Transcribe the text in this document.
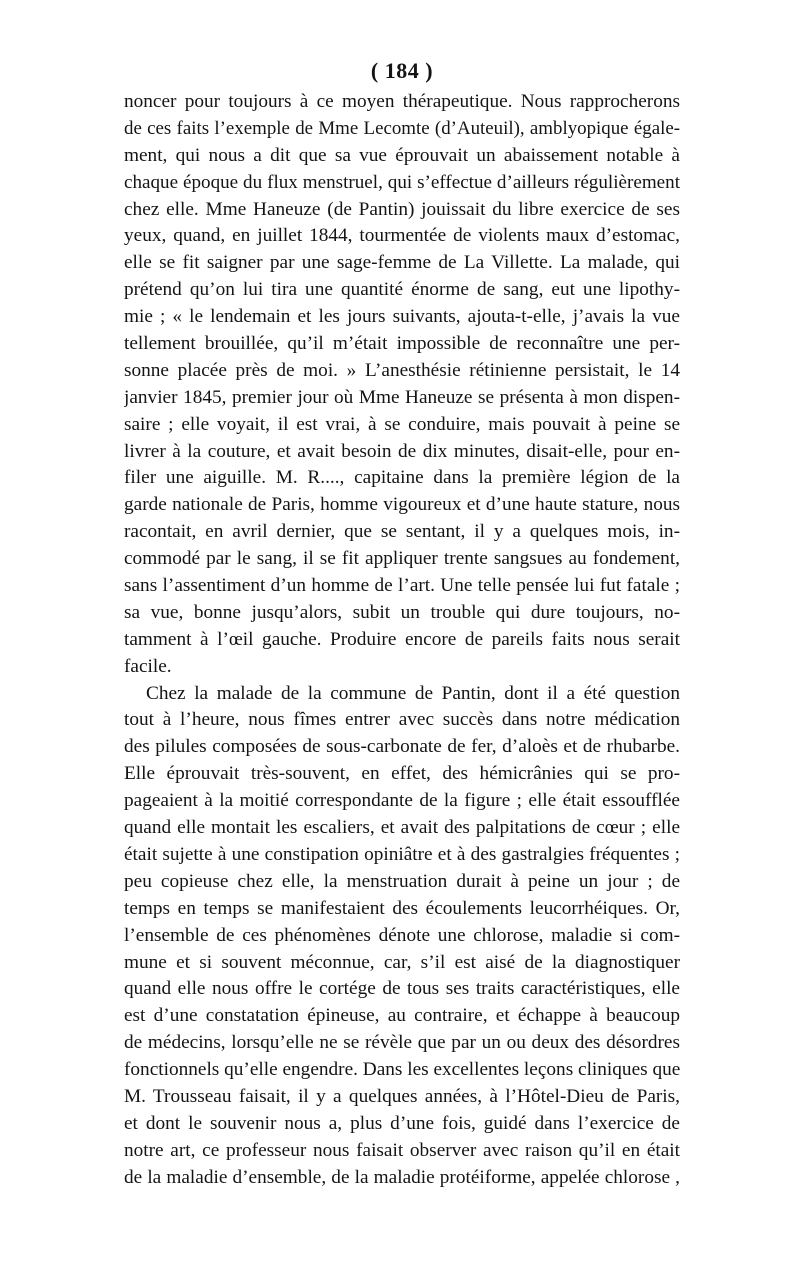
( 184 )
noncer pour toujours à ce moyen thérapeutique. Nous rapprocherons
de ces faits l’exemple de Mme Lecomte (d’Auteuil), amblyopique égale-
ment, qui nous a dit que sa vue éprouvait un abaissement notable à
chaque époque du flux menstruel, qui s’effectue d’ailleurs régulièrement
chez elle. Mme Haneuze (de Pantin) jouissait du libre exercice de ses
yeux, quand, en juillet 1844, tourmentée de violents maux d’estomac,
elle se fit saigner par une sage-femme de La Villette. La malade, qui
prétend qu’on lui tira une quantité énorme de sang, eut une lipothy-
mie ; « le lendemain et les jours suivants, ajouta-t-elle, j’avais la vue
tellement brouillée, qu’il m’était impossible de reconnaître une per-
sonne placée près de moi. » L’anesthésie rétinienne persistait, le 14
janvier 1845, premier jour où Mme Haneuze se présenta à mon dispen-
saire ; elle voyait, il est vrai, à se conduire, mais pouvait à peine se
livrer à la couture, et avait besoin de dix minutes, disait-elle, pour en-
filer une aiguille. M. R...., capitaine dans la première légion de la
garde nationale de Paris, homme vigoureux et d’une haute stature, nous
racontait, en avril dernier, que se sentant, il y a quelques mois, in-
commodé par le sang, il se fit appliquer trente sangsues au fondement,
sans l’assentiment d’un homme de l’art. Une telle pensée lui fut fatale ;
sa vue, bonne jusqu’alors, subit un trouble qui dure toujours, no-
tamment à l’œil gauche. Produire encore de pareils faits nous serait
facile.
Chez la malade de la commune de Pantin, dont il a été question
tout à l’heure, nous fîmes entrer avec succès dans notre médication
des pilules composées de sous-carbonate de fer, d’aloès et de rhubarbe.
Elle éprouvait très-souvent, en effet, des hémicrânies qui se pro-
pageaient à la moitié correspondante de la figure ; elle était essoufflée
quand elle montait les escaliers, et avait des palpitations de cœur ; elle
était sujette à une constipation opiniâtre et à des gastralgies fréquentes ;
peu copieuse chez elle, la menstruation durait à peine un jour ; de
temps en temps se manifestaient des écoulements leucorrhéiques. Or,
l’ensemble de ces phénomènes dénote une chlorose, maladie si com-
mune et si souvent méconnue, car, s’il est aisé de la diagnostiquer
quand elle nous offre le cortége de tous ses traits caractéristiques, elle
est d’une constatation épineuse, au contraire, et échappe à beaucoup
de médecins, lorsqu’elle ne se révèle que par un ou deux des désordres
fonctionnels qu’elle engendre. Dans les excellentes leçons cliniques que
M. Trousseau faisait, il y a quelques années, à l’Hôtel-Dieu de Paris,
et dont le souvenir nous a, plus d’une fois, guidé dans l’exercice de
notre art, ce professeur nous faisait observer avec raison qu’il en était
de la maladie d’ensemble, de la maladie protéiforme, appelée chlorose ,
